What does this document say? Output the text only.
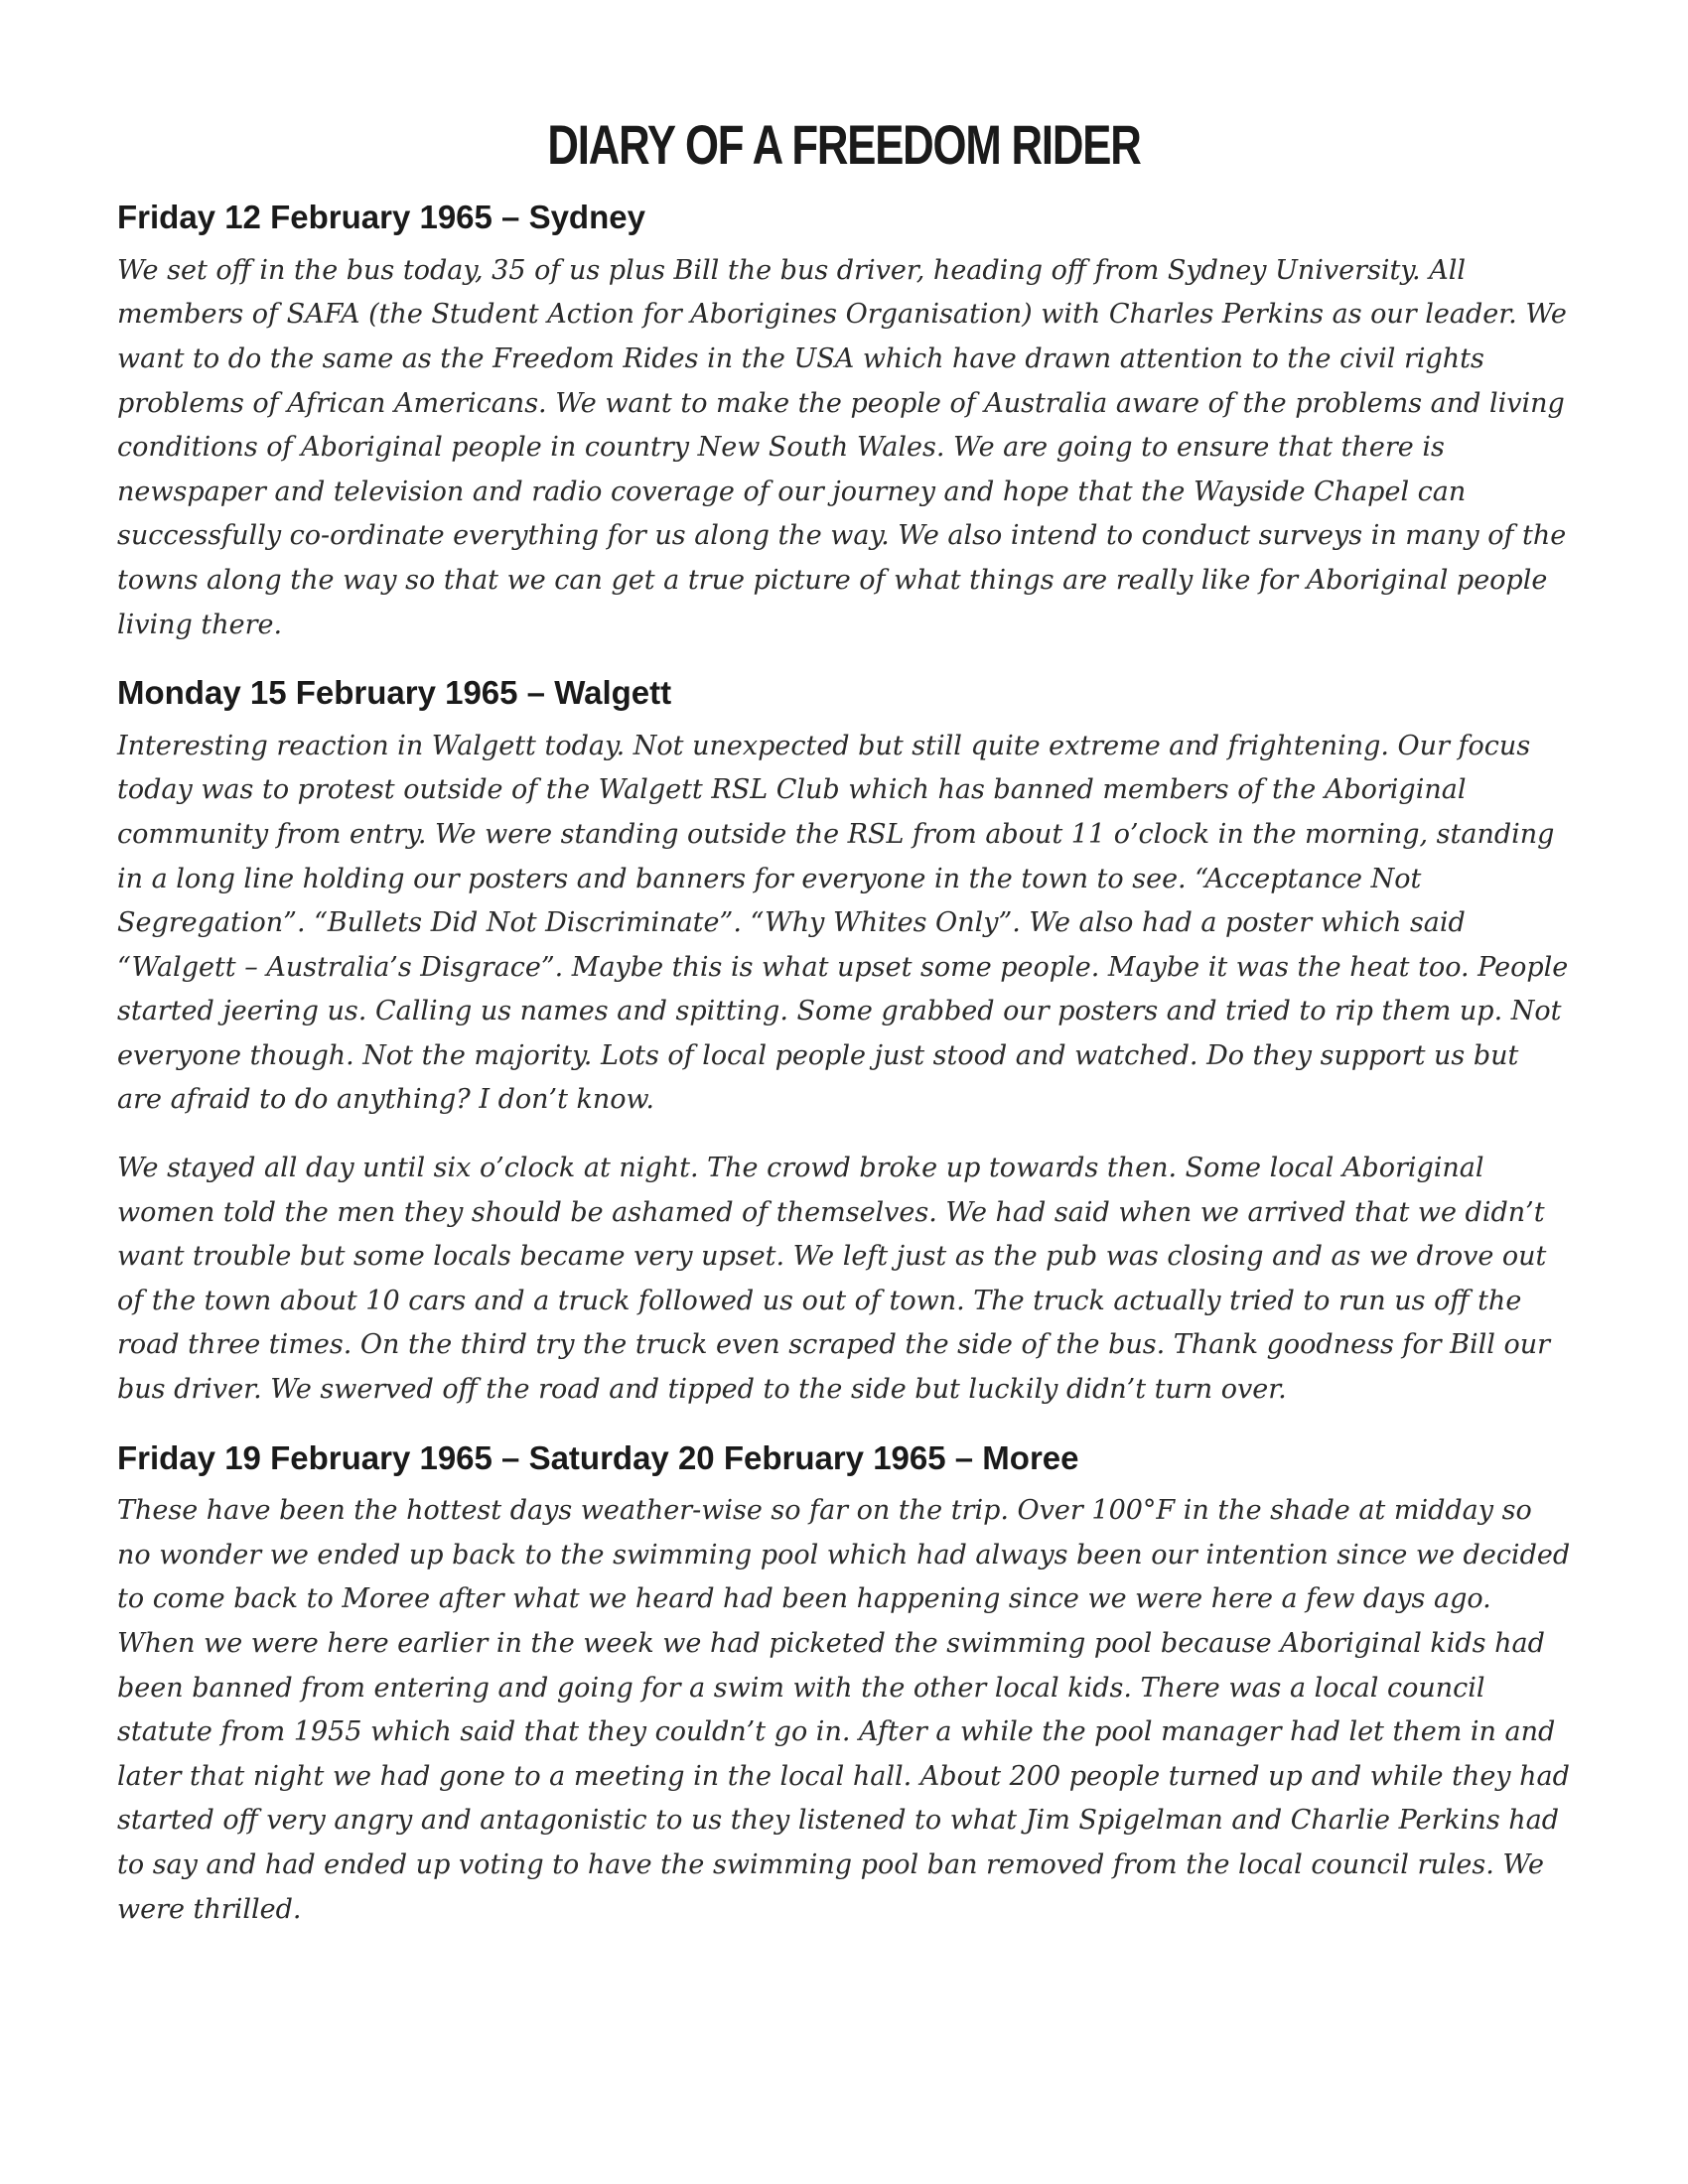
DIARY OF A FREEDOM RIDER
Friday 12 February 1965 – Sydney

We set off in the bus today, 35 of us plus Bill the bus driver, heading off from Sydney University. All members of SAFA (the Student Action for Aborigines Organisation) with Charles Perkins as our leader. We want to do the same as the Freedom Rides in the USA which have drawn attention to the civil rights problems of African Americans. We want to make the people of Australia aware of the problems and living conditions of Aboriginal people in country New South Wales. We are going to ensure that there is newspaper and television and radio coverage of our journey and hope that the Wayside Chapel can successfully co-ordinate everything for us along the way. We also intend to conduct surveys in many of the towns along the way so that we can get a true picture of what things are really like for Aboriginal people living there.

Monday 15 February 1965 – Walgett

Interesting reaction in Walgett today. Not unexpected but still quite extreme and frightening. Our focus today was to protest outside of the Walgett RSL Club which has banned members of the Aboriginal community from entry. We were standing outside the RSL from about 11 o’clock in the morning, standing in a long line holding our posters and banners for everyone in the town to see. “Acceptance Not Segregation”. “Bullets Did Not Discriminate”. “Why Whites Only”. We also had a poster which said “Walgett – Australia’s Disgrace”. Maybe this is what upset some people. Maybe it was the heat too. People started jeering us. Calling us names and spitting. Some grabbed our posters and tried to rip them up. Not everyone though. Not the majority. Lots of local people just stood and watched. Do they support us but are afraid to do anything? I don’t know.

We stayed all day until six o’clock at night. The crowd broke up towards then. Some local Aboriginal women told the men they should be ashamed of themselves. We had said when we arrived that we didn’t want trouble but some locals became very upset. We left just as the pub was closing and as we drove out of the town about 10 cars and a truck followed us out of town. The truck actually tried to run us off the road three times. On the third try the truck even scraped the side of the bus. Thank goodness for Bill our bus driver. We swerved off the road and tipped to the side but luckily didn’t turn over.

Friday 19 February 1965 – Saturday 20 February 1965 – Moree

These have been the hottest days weather-wise so far on the trip. Over 100°F in the shade at midday so no wonder we ended up back to the swimming pool which had always been our intention since we decided to come back to Moree after what we heard had been happening since we were here a few days ago. When we were here earlier in the week we had picketed the swimming pool because Aboriginal kids had been banned from entering and going for a swim with the other local kids. There was a local council statute from 1955 which said that they couldn’t go in. After a while the pool manager had let them in and later that night we had gone to a meeting in the local hall. About 200 people turned up and while they had started off very angry and antagonistic to us they listened to what Jim Spigelman and Charlie Perkins had to say and had ended up voting to have the swimming pool ban removed from the local council rules. We were thrilled.
